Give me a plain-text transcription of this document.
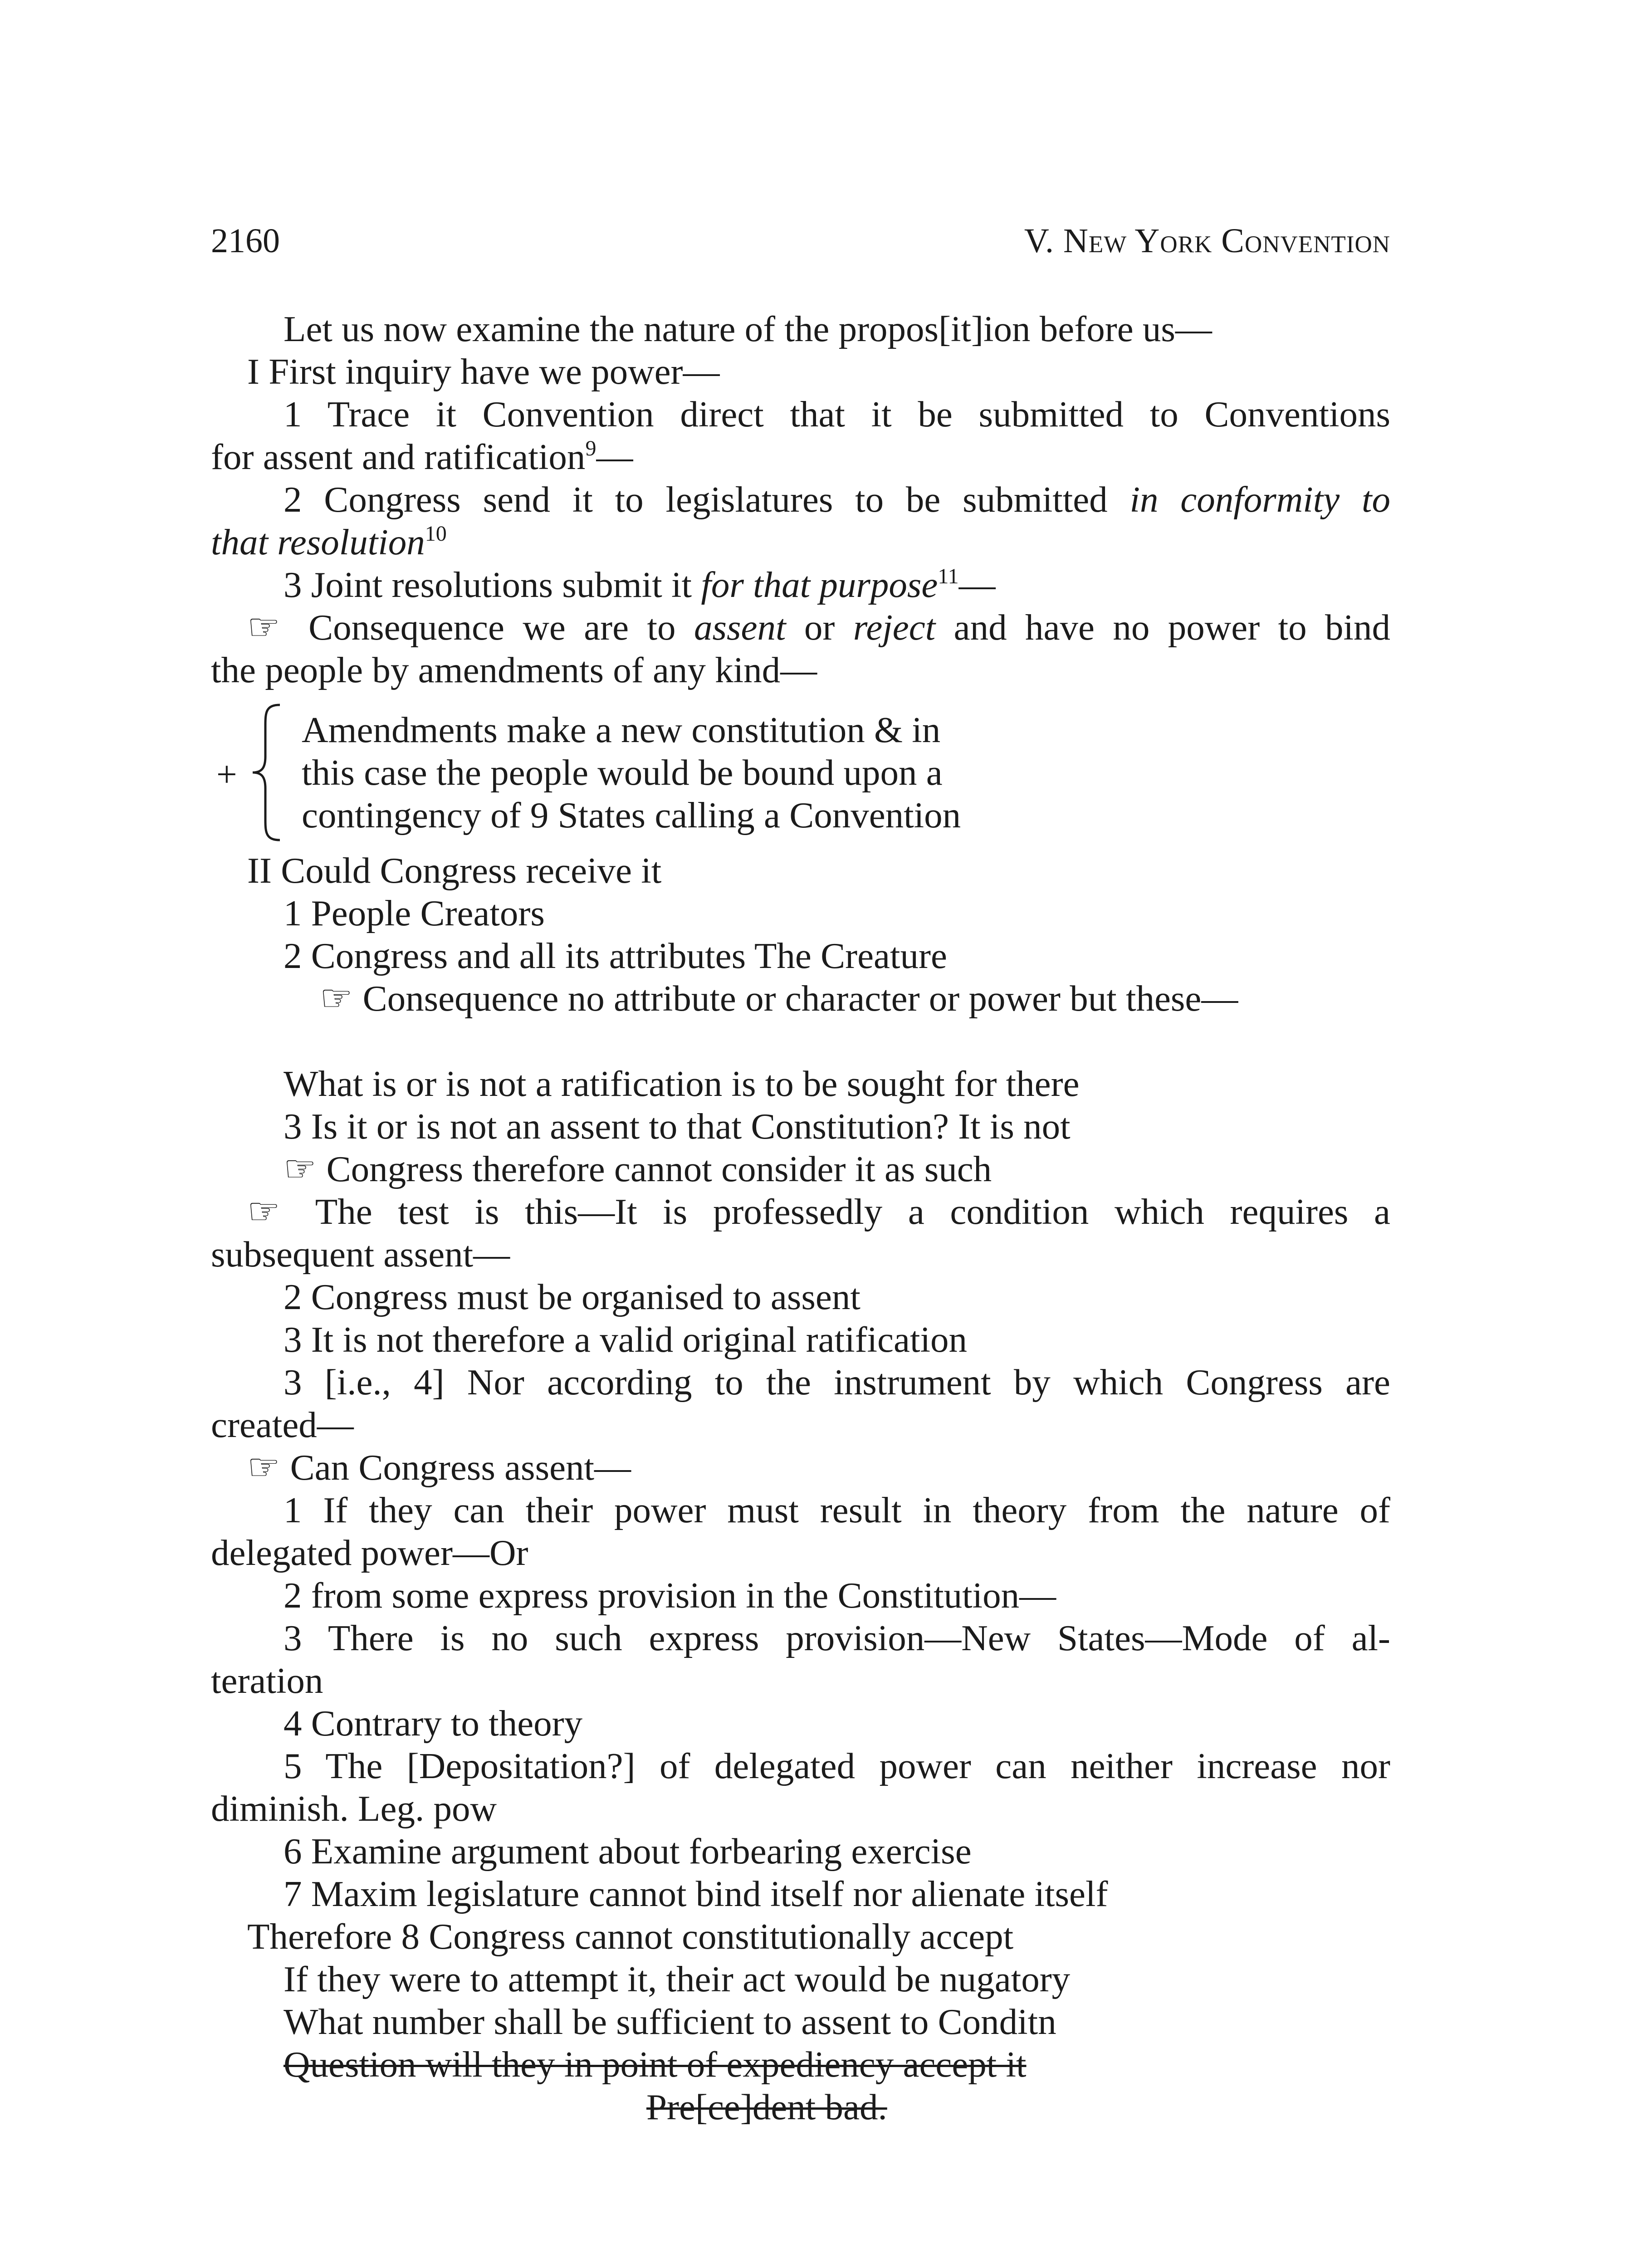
2160	V. New York Convention
Let us now examine the nature of the propos[it]ion before us—
I First inquiry have we power—
1 Trace it Convention direct that it be submitted to Conventions
for assent and ratification$^9$—
2 Congress send it to legislatures to be submitted in conformity to
that resolution$^{10}$
3 Joint resolutions submit it for that purpose$^{11}$—
☞ Consequence we are to assent or reject and have no power to bind
the people by amendments of any kind—
+
Amendments make a new constitution & in
this case the people would be bound upon a
contingency of 9 States calling a Convention
II Could Congress receive it
1 People Creators
2 Congress and all its attributes The Creature
☞ Consequence no attribute or character or power but these—
What is or is not a ratification is to be sought for there
3 Is it or is not an assent to that Constitution? It is not
☞ Congress therefore cannot consider it as such
☞ The test is this—It is professedly a condition which requires a
subsequent assent—
2 Congress must be organised to assent
3 It is not therefore a valid original ratification
3 [i.e., 4] Nor according to the instrument by which Congress are
created—
☞ Can Congress assent—
1 If they can their power must result in theory from the nature of
delegated power—Or
2 from some express provision in the Constitution—
3 There is no such express provision—New States—Mode of al-
teration
4 Contrary to theory
5 The [Depositation?] of delegated power can neither increase nor
diminish. Leg. pow
6 Examine argument about forbearing exercise
7 Maxim legislature cannot bind itself nor alienate itself
Therefore 8 Congress cannot constitutionally accept
If they were to attempt it, their act would be nugatory
What number shall be sufficient to assent to Conditn
Question will they in point of expediency accept it
Pre[ce]dent bad.
